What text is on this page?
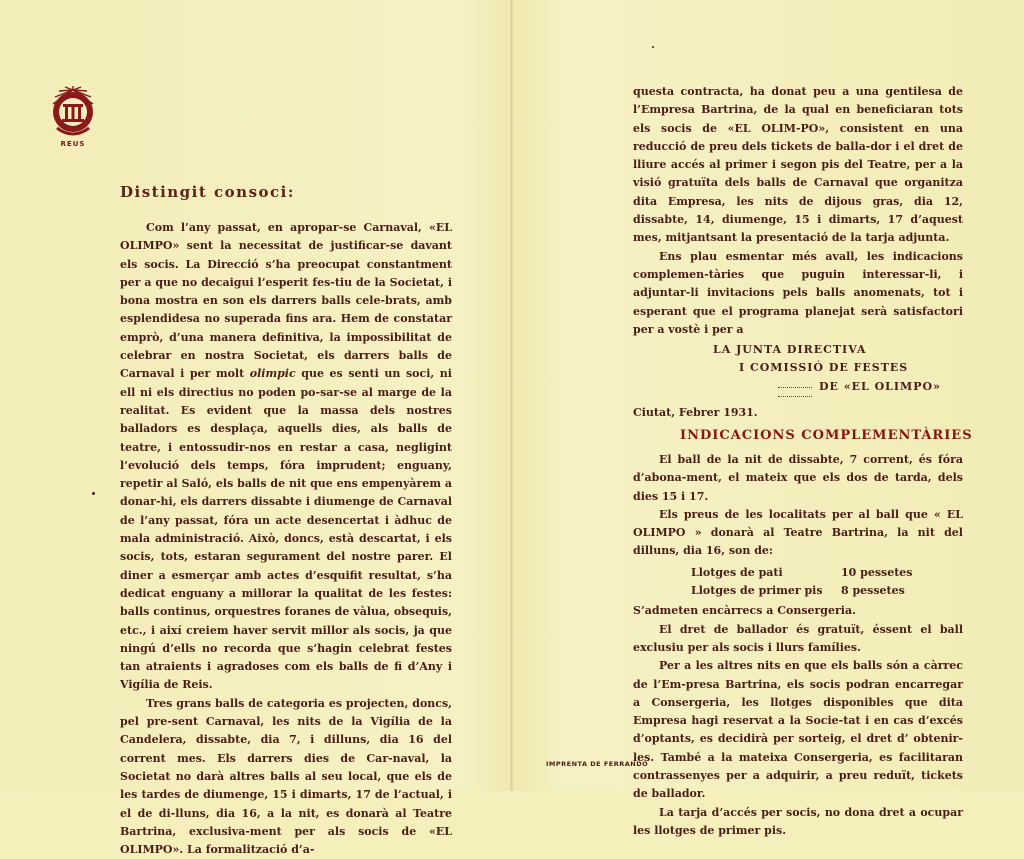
REUS
Distingit consoci:

Com l’any passat, en apropar-se Carnaval, «EL OLIMPO» sent la necessitat de justificar-se davant els socis. La Direcció s’ha preocupat constantment per a que no decaigui l’esperit fes-tiu de la Societat, i bona mostra en son els darrers balls cele-brats, amb esplendidesa no superada fins ara. Hem de constatar emprò, d’una manera definitiva, la impossibilitat de celebrar en nostra Societat, els darrers balls de Carnaval i per molt olimpic que es senti un soci, ni ell ni els directius no poden po-sar-se al marge de la realitat. Es evident que la massa dels nostres balladors es desplaça, aquells dies, als balls de teatre, i entossudir-nos en restar a casa, negligint l’evolució dels temps, fóra imprudent; enguany, repetir al Saló, els balls de nit que ens empenyàrem a donar-hi, els darrers dissabte i diumenge de Carnaval de l’any passat, fóra un acte desencertat i àdhuc de mala administració. Això, doncs, està descartat, i els socis, tots, estaran segurament del nostre parer. El diner a esmerçar amb actes d’esquifit resultat, s’ha dedicat enguany a millorar la qualitat de les festes: balls continus, orquestres foranes de vàlua, obsequis, etc., i així creiem haver servit millor als socis, ja que ningú d’ells no recorda que s’hagin celebrat festes tan atraients i agradoses com els balls de fi d’Any i Vigília de Reis.

Tres grans balls de categoria es projecten, doncs, pel pre-sent Carnaval, les nits de la Vigília de la Candelera, dissabte, dia 7, i dilluns, dia 16 del corrent mes. Els darrers dies de Car-naval, la Societat no darà altres balls al seu local, que els de les tardes de diumenge, 15 i dimarts, 17 de l’actual, i el de di-lluns, dia 16, a la nit, es donarà al Teatre Bartrina, exclusiva-ment per als socis de «EL OLIMPO». La formalització d’a-

questa contracta, ha donat peu a una gentilesa de l’Empresa Bartrina, de la qual en beneficiaran tots els socis de «EL OLIM-PO», consistent en una reducció de preu dels tickets de balla-dor i el dret de lliure accés al primer i segon pis del Teatre, per a la visió gratuïta dels balls de Carnaval que organitza dita Empresa, les nits de dijous gras, dia 12, dissabte, 14, diumenge, 15 i dimarts, 17 d’aquest mes, mitjantsant la presentació de la tarja adjunta.

Ens plau esmentar més avall, les indicacions complemen-tàries que puguin interessar-li, i adjuntar-li invitacions pels balls anomenats, tot i esperant que el programa planejat serà satisfactori per a vostè i per a

LA JUNTA DIRECTIVA
I COMISSIÓ DE FESTES
DE «EL OLIMPO»
Ciutat, Febrer 1931.
INDICACIONS COMPLEMENTÀRIES

El ball de la nit de dissabte, 7 corrent, és fóra d’abona-ment, el mateix que els dos de tarda, dels dies 15 i 17.

Els preus de les localitats per al ball que « EL OLIMPO » donarà al Teatre Bartrina, la nit del dilluns, dia 16, son de:

Llotges de pati	10 pessetes
Llotges de primer pis	8 pessetes

S’admeten encàrrecs a Consergeria.

El dret de ballador és gratuït, éssent el ball exclusiu per als socis i llurs famílies.

Per a les altres nits en que els balls són a càrrec de l’Em-presa Bartrina, els socis podran encarregar a Consergeria, les llotges disponibles que dita Empresa hagi reservat a la Socie-tat i en cas d’excés d’optants, es decidirà per sorteig, el dret d’ obtenir-les. També a la mateixa Consergeria, es facilitaran contrassenyes per a adquirir, a preu reduït, tickets de ballador.

La tarja d’accés per socis, no dona dret a ocupar les llotges de primer pis.

IMPRENTA DE FERRANDO
